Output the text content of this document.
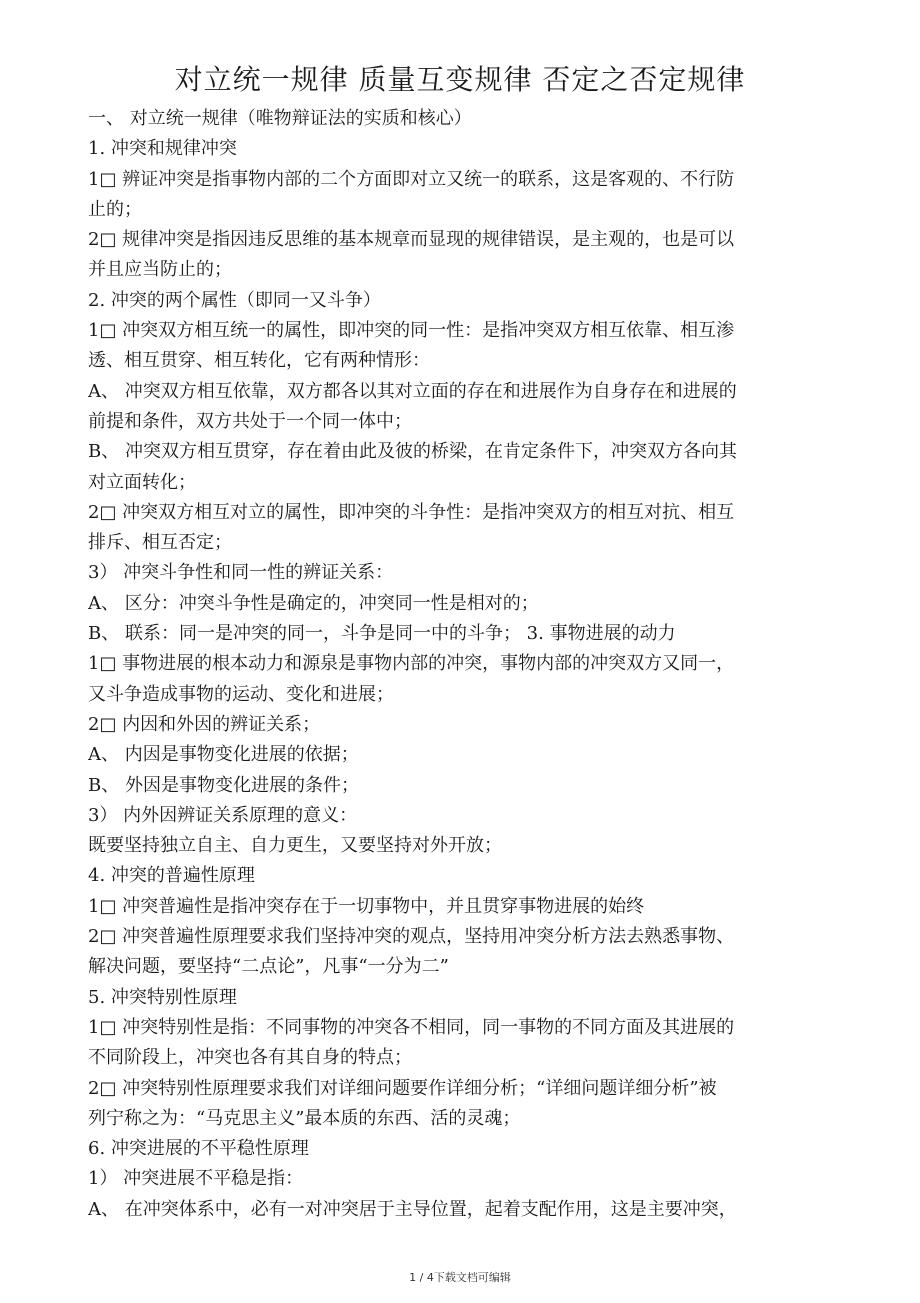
对立统一规律 质量互变规律 否定之否定规律
一、 对立统一规律（唯物辩证法的实质和核心）
1. 冲突和规律冲突
1□ 辨证冲突是指事物内部的二个方面即对立又统一的联系，这是客观的、不行防
止的；
2□ 规律冲突是指因违反思维的基本规章而显现的规律错误，是主观的，也是可以
并且应当防止的；
2. 冲突的两个属性（即同一又斗争）
1□ 冲突双方相互统一的属性，即冲突的同一性：是指冲突双方相互依靠、相互渗
透、相互贯穿、相互转化，它有两种情形：
A、 冲突双方相互依靠，双方都各以其对立面的存在和进展作为自身存在和进展的
前提和条件，双方共处于一个同一体中；
B、 冲突双方相互贯穿，存在着由此及彼的桥梁，在肯定条件下，冲突双方各向其
对立面转化；
2□ 冲突双方相互对立的属性，即冲突的斗争性：是指冲突双方的相互对抗、相互
排斥、相互否定；
3） 冲突斗争性和同一性的辨证关系：
A、 区分：冲突斗争性是确定的，冲突同一性是相对的；
B、 联系：同一是冲突的同一，斗争是同一中的斗争； 3. 事物进展的动力
1□ 事物进展的根本动力和源泉是事物内部的冲突，事物内部的冲突双方又同一，
又斗争造成事物的运动、变化和进展；
2□ 内因和外因的辨证关系；
A、 内因是事物变化进展的依据；
B、 外因是事物变化进展的条件；
3） 内外因辨证关系原理的意义：
既要坚持独立自主、自力更生，又要坚持对外开放；
4. 冲突的普遍性原理
1□ 冲突普遍性是指冲突存在于一切事物中，并且贯穿事物进展的始终
2□ 冲突普遍性原理要求我们坚持冲突的观点，坚持用冲突分析方法去熟悉事物、
解决问题，要坚持“二点论”，凡事“一分为二”
5. 冲突特别性原理
1□ 冲突特别性是指：不同事物的冲突各不相同，同一事物的不同方面及其进展的
不同阶段上，冲突也各有其自身的特点；
2□ 冲突特别性原理要求我们对详细问题要作详细分析；“详细问题详细分析”被
列宁称之为：“马克思主义”最本质的东西、活的灵魂；
6. 冲突进展的不平稳性原理
1） 冲突进展不平稳是指：
A、 在冲突体系中，必有一对冲突居于主导位置，起着支配作用，这是主要冲突，
1 / 4下载文档可编辑
